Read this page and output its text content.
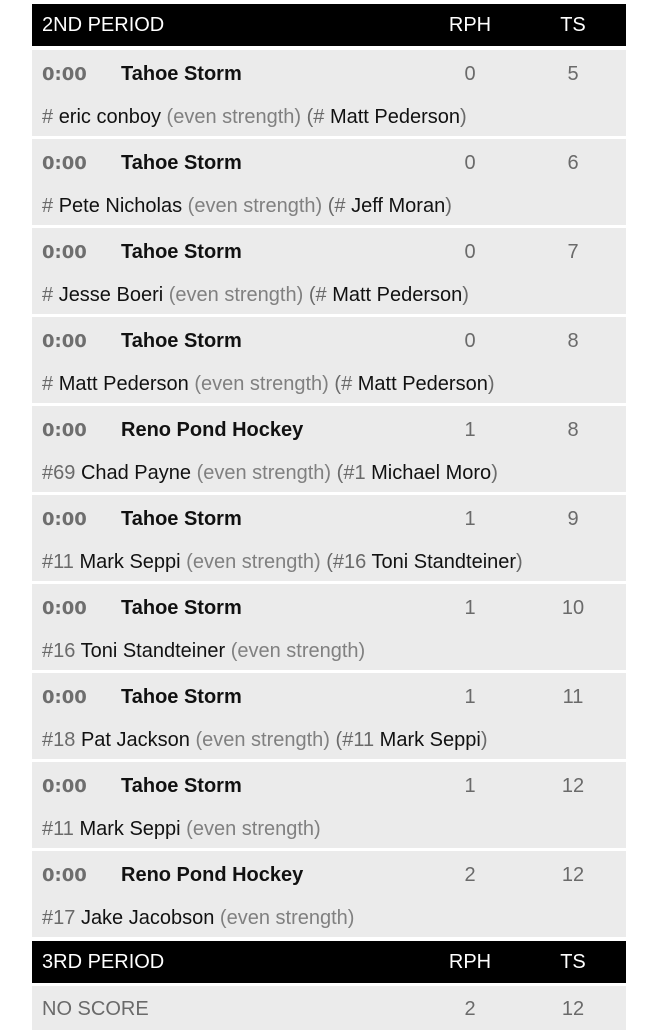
2ND PERIOD	RPH	TS
0:00 Tahoe Storm	0	5
# eric conboy (even strength) (# Matt Pederson)
0:00 Tahoe Storm	0	6
# Pete Nicholas (even strength) (# Jeff Moran)
0:00 Tahoe Storm	0	7
# Jesse Boeri (even strength) (# Matt Pederson)
0:00 Tahoe Storm	0	8
# Matt Pederson (even strength) (# Matt Pederson)
0:00 Reno Pond Hockey	1	8
#69 Chad Payne (even strength) (#1 Michael Moro)
0:00 Tahoe Storm	1	9
#11 Mark Seppi (even strength) (#16 Toni Standteiner)
0:00 Tahoe Storm	1	10
#16 Toni Standteiner (even strength)
0:00 Tahoe Storm	1	11
#18 Pat Jackson (even strength) (#11 Mark Seppi)
0:00 Tahoe Storm	1	12
#11 Mark Seppi (even strength)
0:00 Reno Pond Hockey	2	12
#17 Jake Jacobson (even strength)
3RD PERIOD	RPH	TS
NO SCORE	2	12
